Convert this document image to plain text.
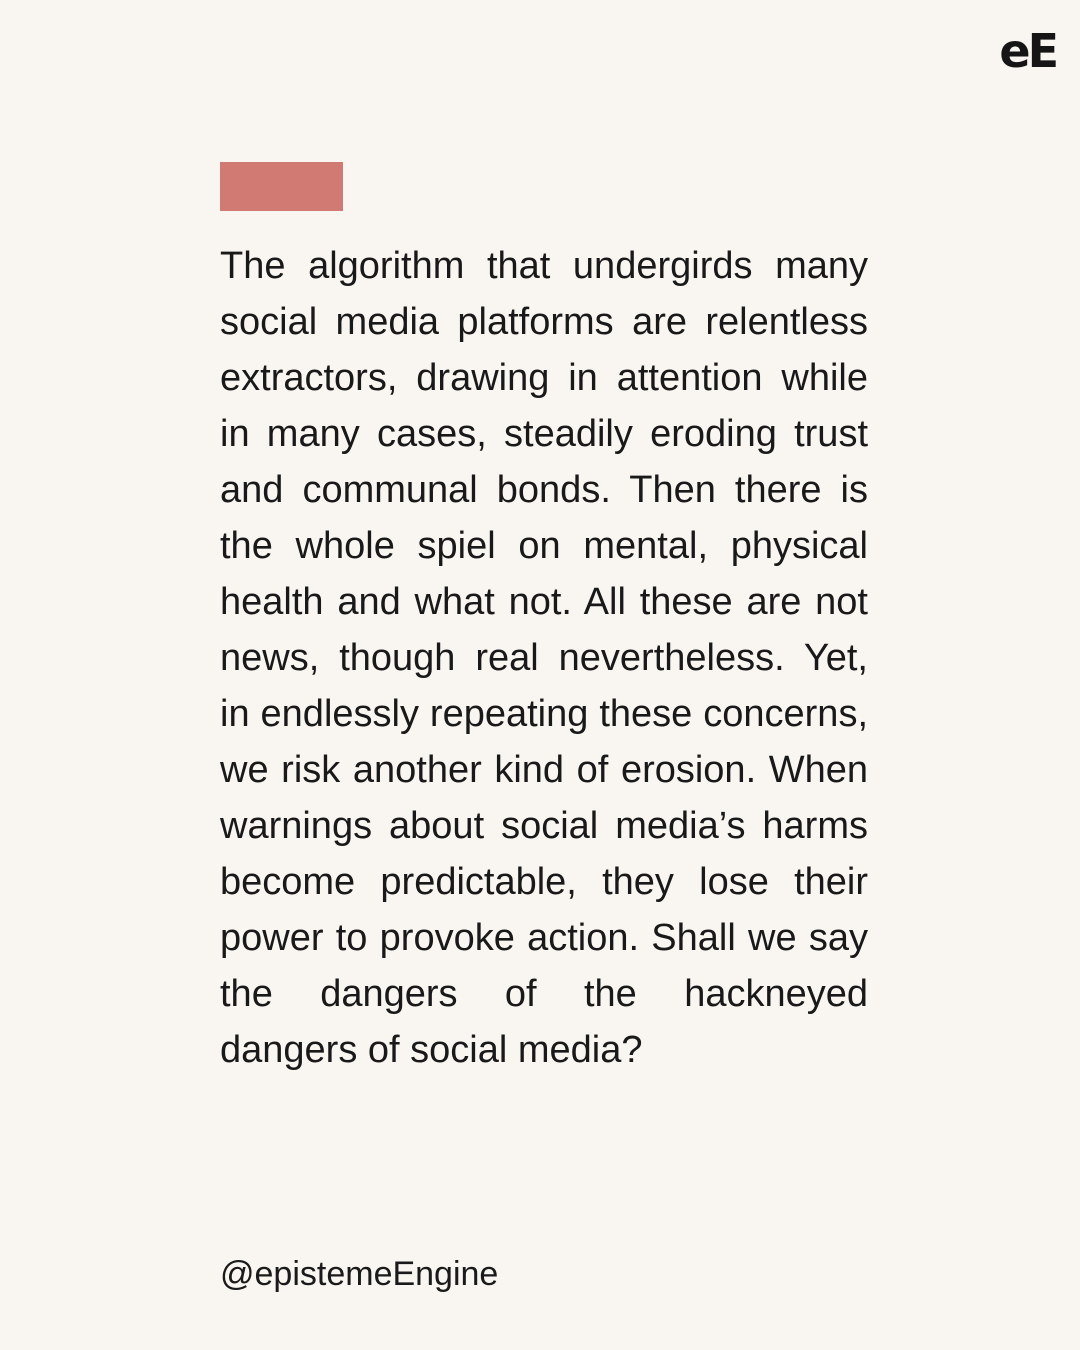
eE

The algorithm that undergirds many social media platforms are relentless extractors, drawing in attention while in many cases, steadily eroding trust and communal bonds. Then there is the whole spiel on mental, physical health and what not. All these are not news, though real nevertheless. Yet, in endlessly repeating these concerns, we risk another kind of erosion. When warnings about social media’s harms become predictable, they lose their power to provoke action. Shall we say the dangers of the hackneyed dangers of social media?

@epistemeEngine
